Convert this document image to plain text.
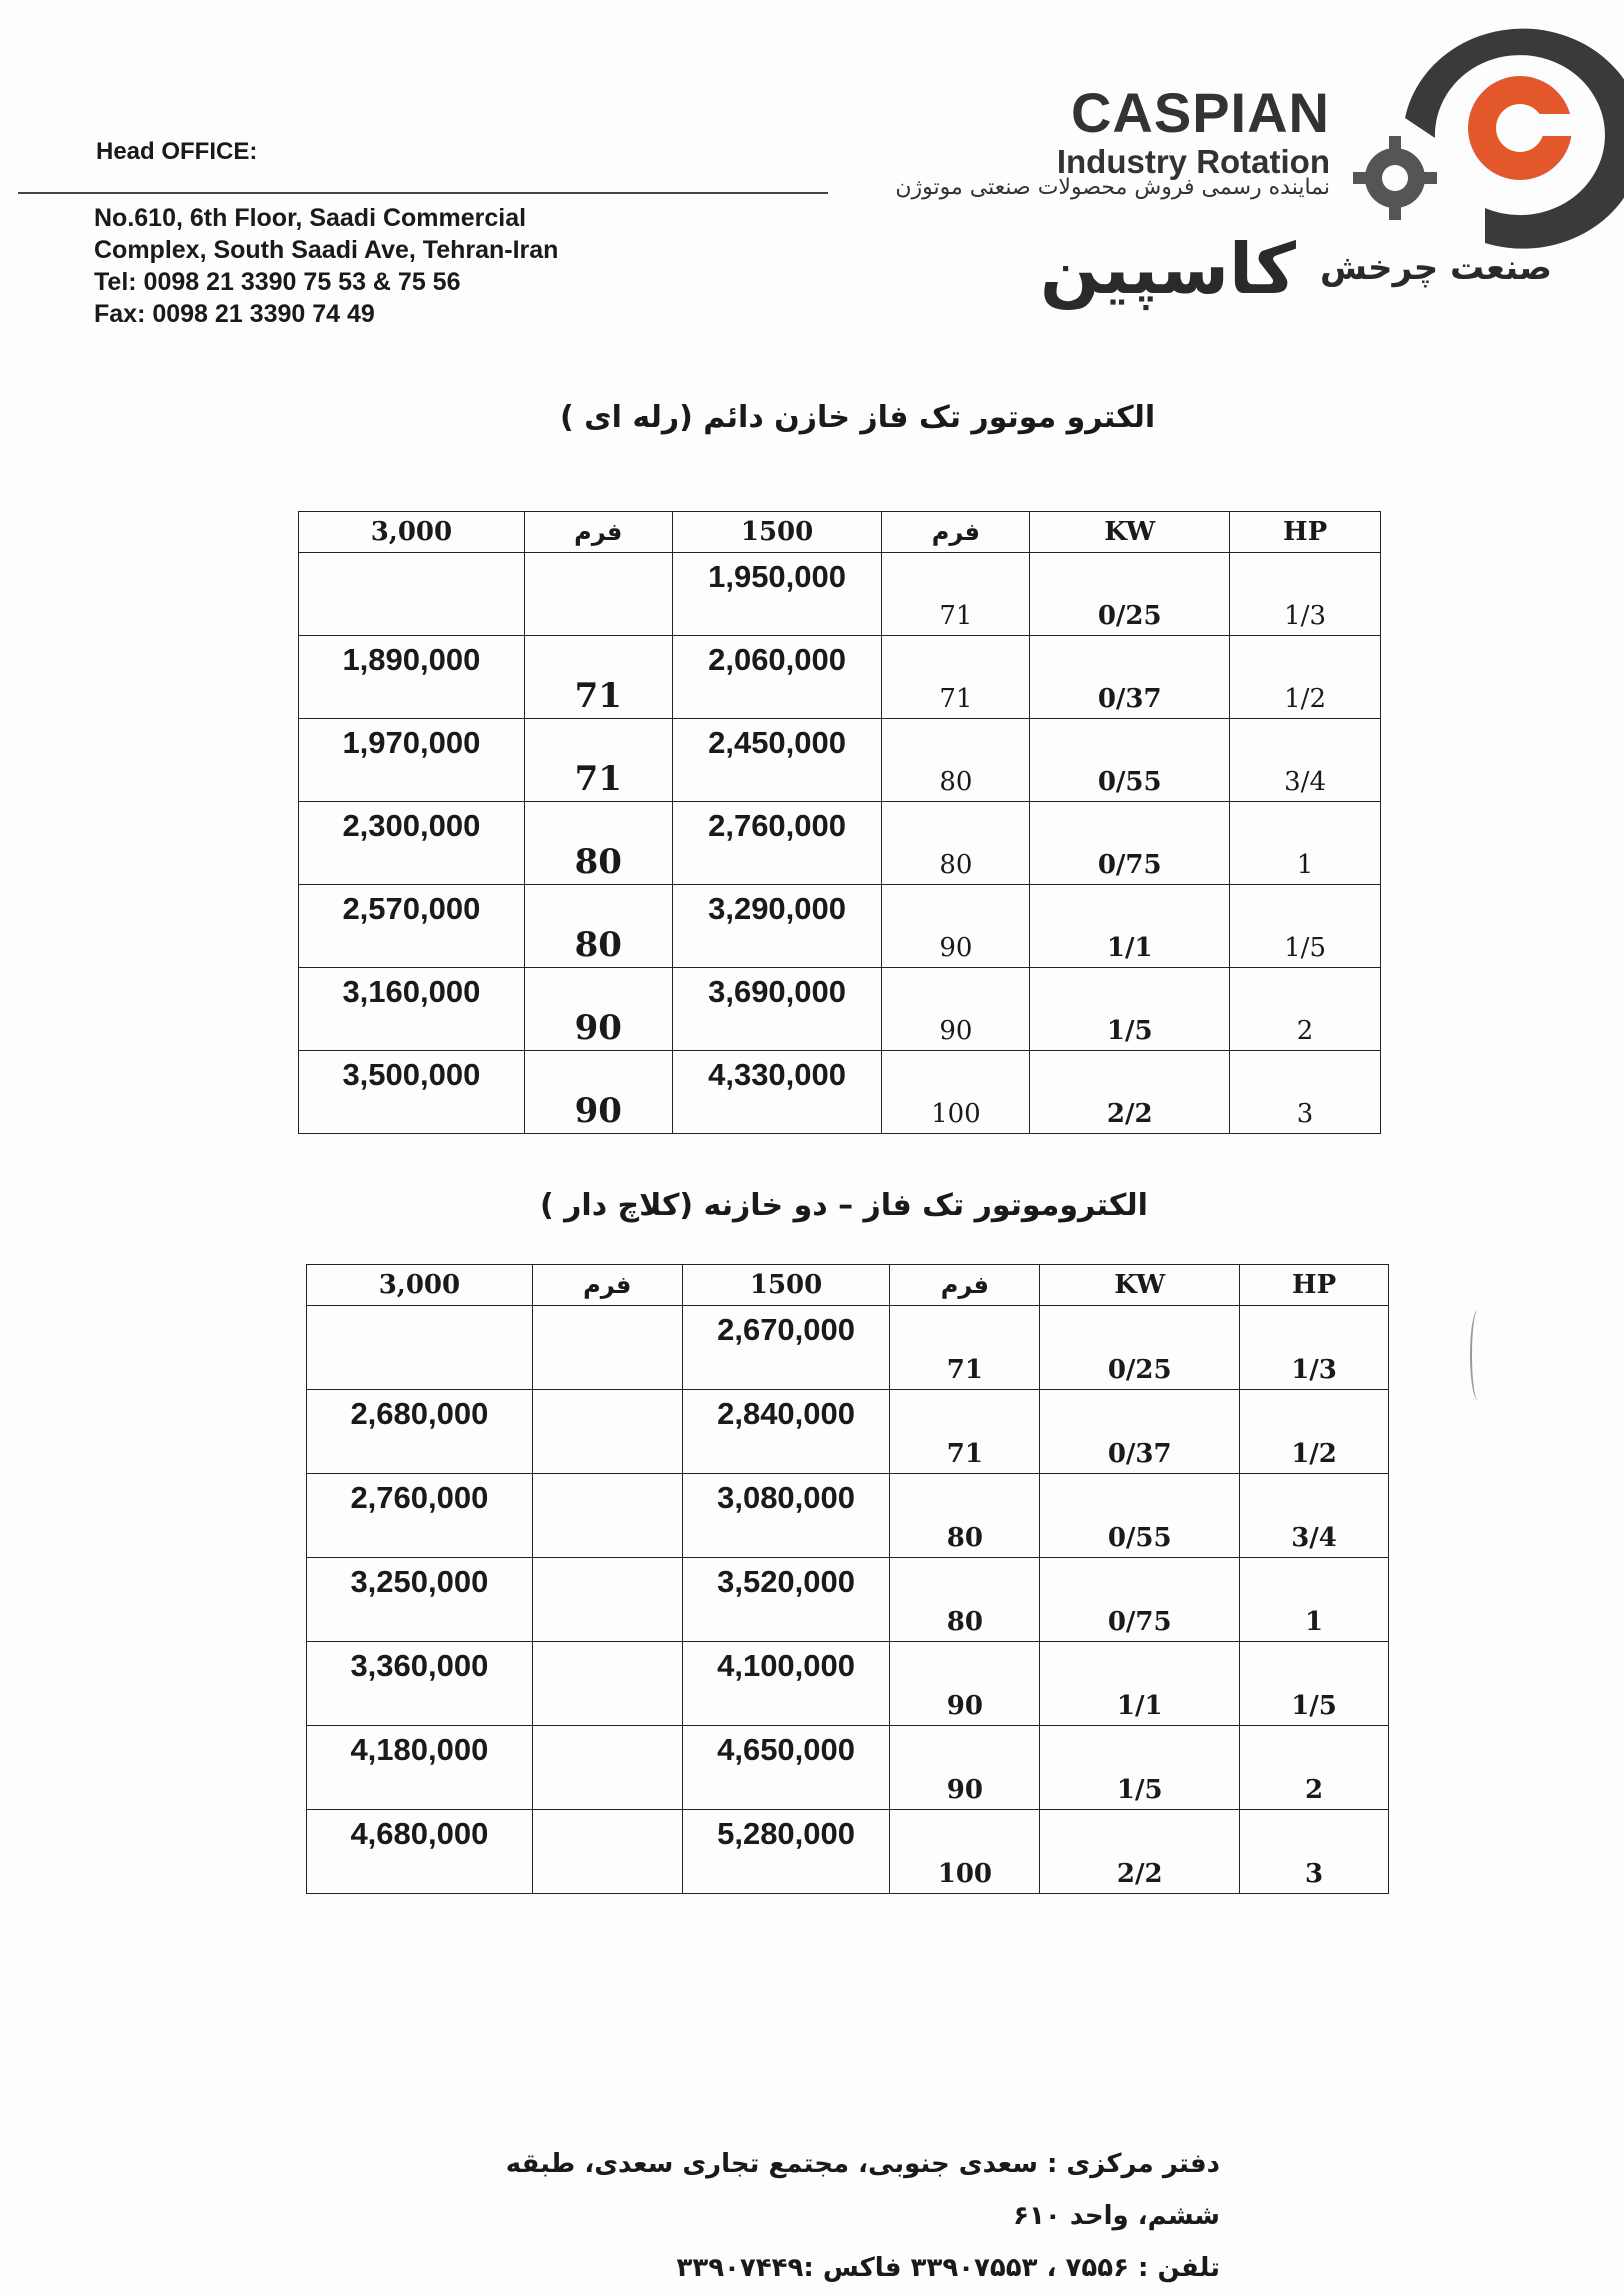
Head OFFICE:
No.610, 6th Floor, Saadi Commercial
Complex, South Saadi Ave, Tehran-Iran
Tel: 0098 21 3390 75 53 & 75 56
Fax: 0098 21 3390 74 49
CASPIAN
Industry Rotation
نماینده رسمی فروش محصولات صنعتی موتوژن
صنعت چرخش
کاسپین
الکترو موتور تک فاز خازن دائم (رله ای )
3,000	فرم	1500	فرم	KW	HP

		1,950,000	71	0/25	1/3

1,890,000	71	2,060,000	71	0/37	1/2

1,970,000	71	2,450,000	80	0/55	3/4

2,300,000	80	2,760,000	80	0/75	1

2,570,000	80	3,290,000	90	1/1	1/5

3,160,000	90	3,690,000	90	1/5	2

3,500,000	90	4,330,000	100	2/2	3
الکتروموتور تک فاز – دو خازنه (کلاچ دار )
3,000	فرم	1500	فرم	KW	HP

		2,670,000	71	0/25	1/3

2,680,000		2,840,000	71	0/37	1/2

2,760,000		3,080,000	80	0/55	3/4

3,250,000		3,520,000	80	0/75	1

3,360,000		4,100,000	90	1/1	1/5

4,180,000		4,650,000	90	1/5	2

4,680,000		5,280,000	100	2/2	3
دفتر مرکزی : سعدی جنوبی، مجتمع تجاری سعدی، طبقه ششم، واحد ۶۱۰
تلفن : ۷۵۵۶ ، ۳۳۹۰۷۵۵۳ فاکس :۳۳۹۰۷۴۴۹
